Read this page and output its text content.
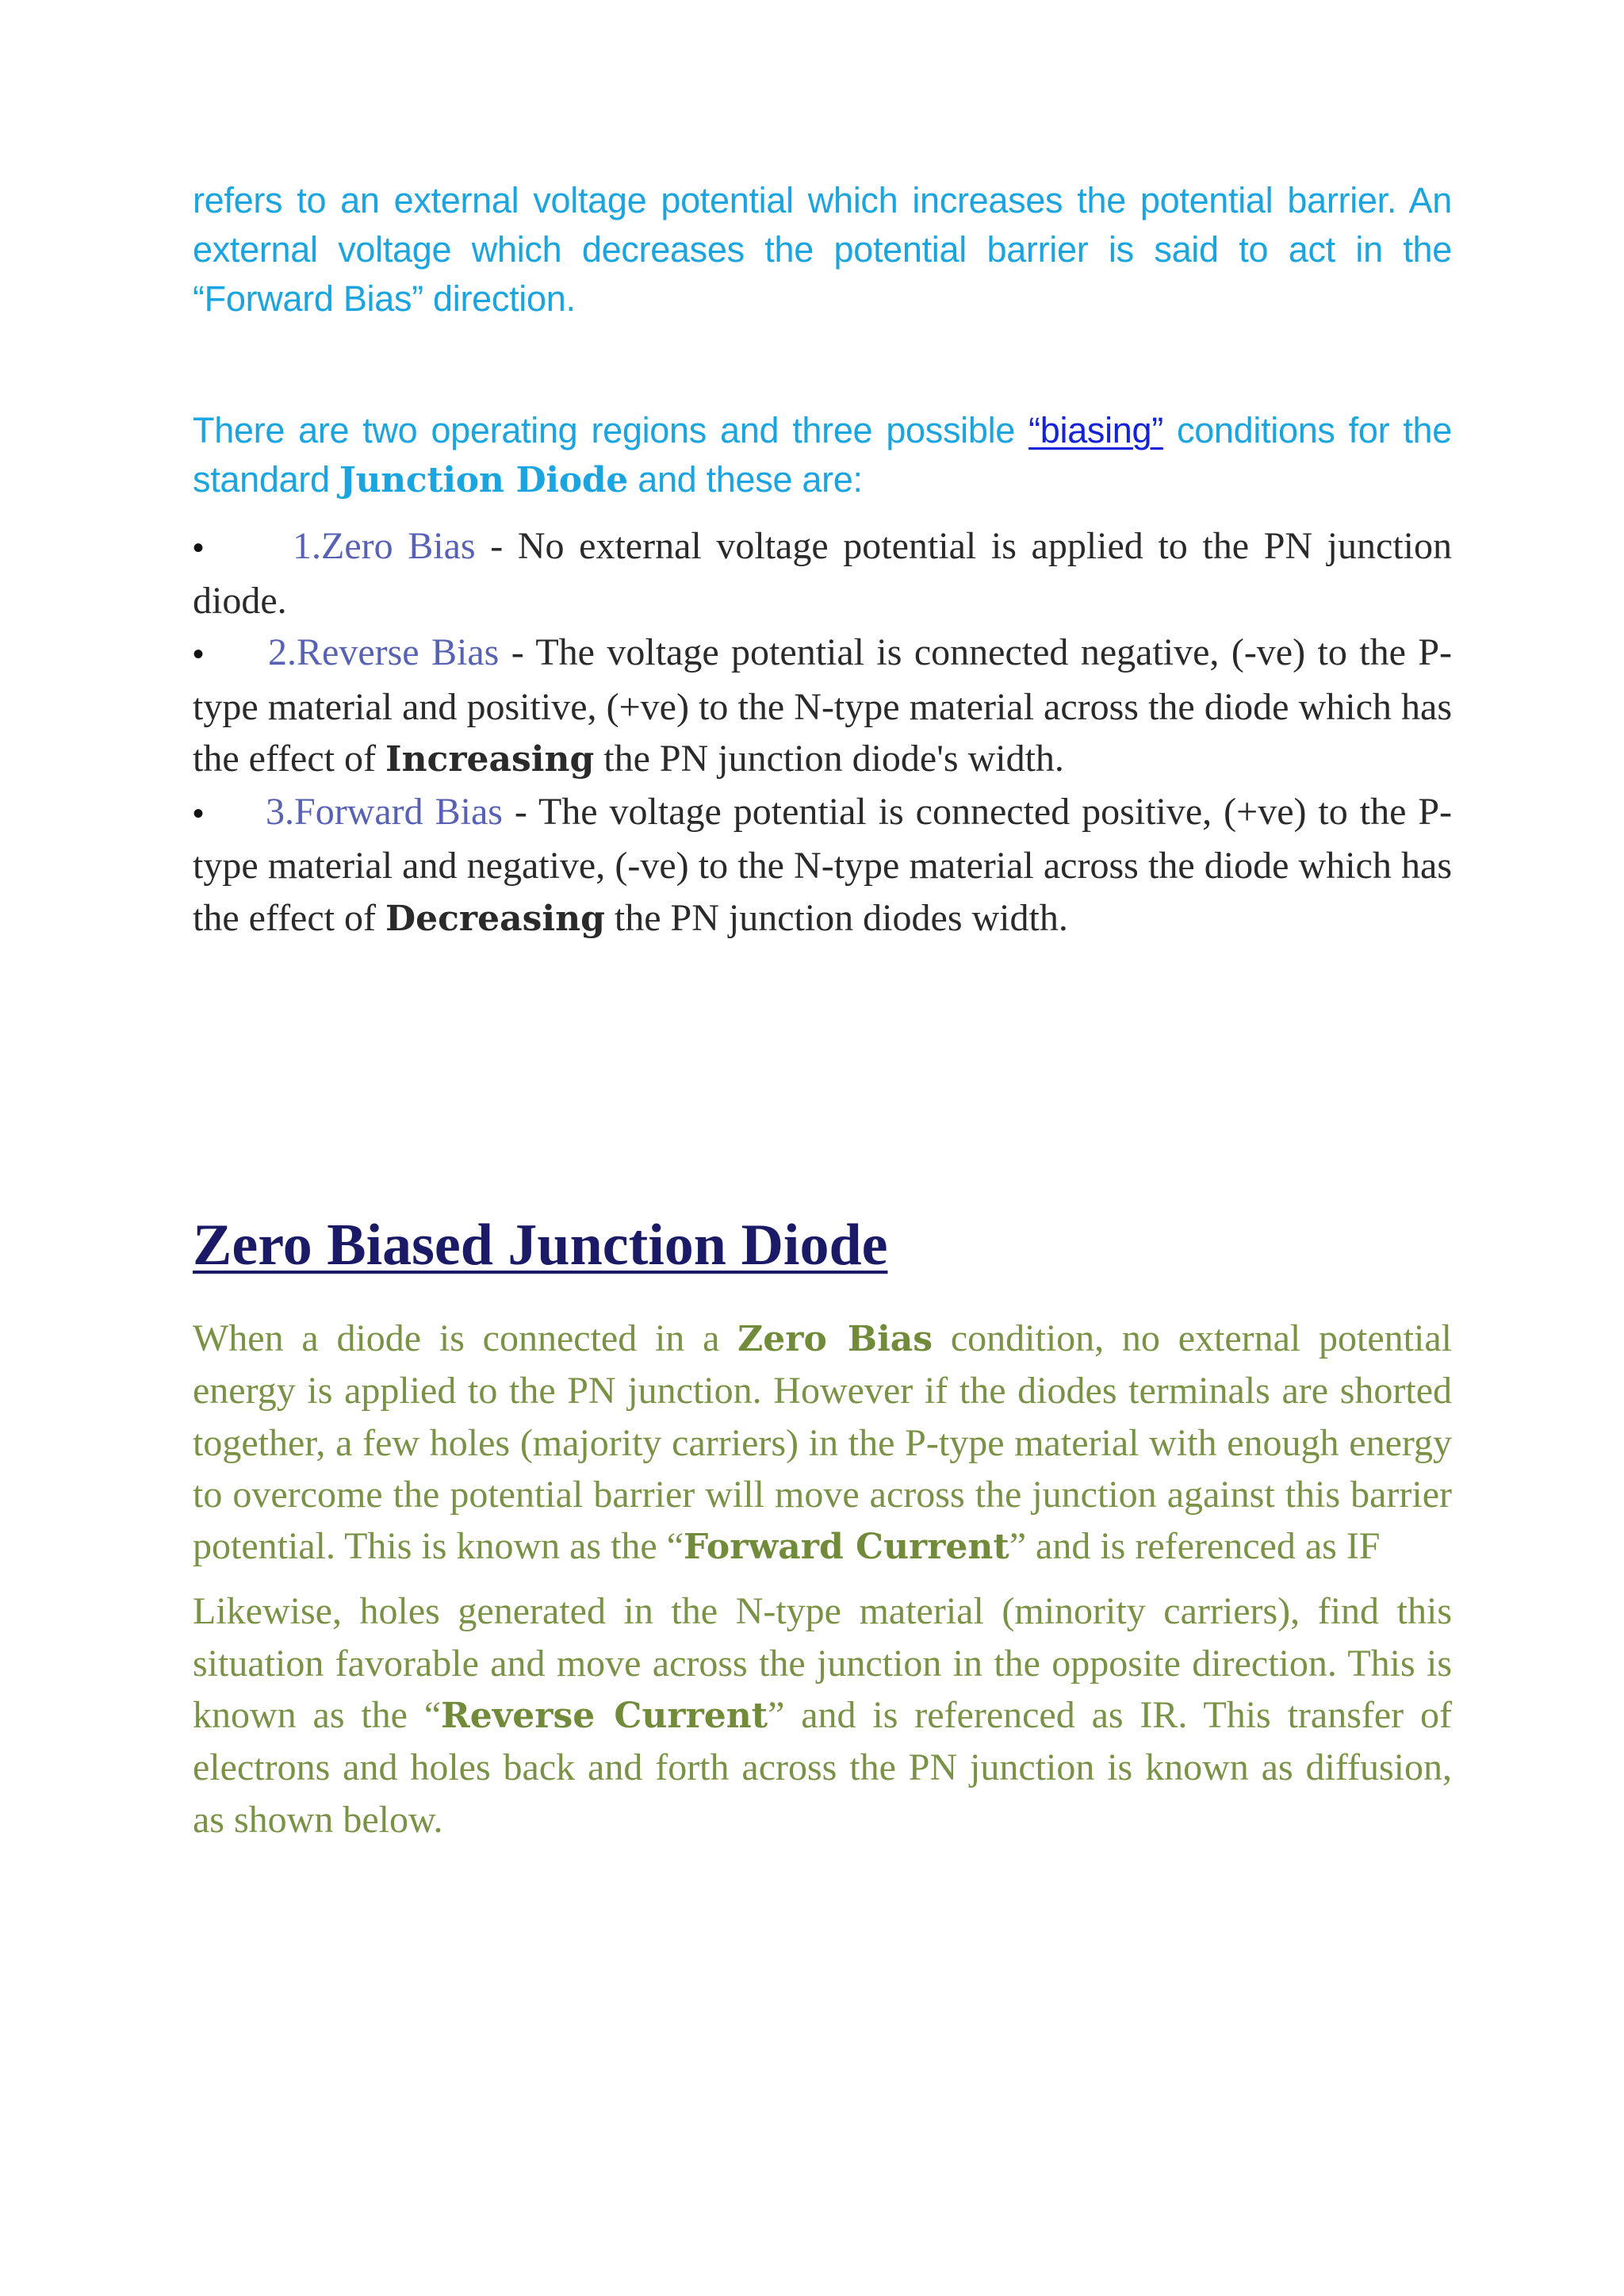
refers to an external voltage potential which increases the potential barrier. An external voltage which decreases the potential barrier is said to act in the “Forward Bias” direction.

There are two operating regions and three possible “biasing” conditions for the standard Junction Diode and these are:

• 1.Zero Bias - No external voltage potential is applied to the PN junction diode.

• 2.Reverse Bias - The voltage potential is connected negative, (-ve) to the P-type material and positive, (+ve) to the N-type material across the diode which has the effect of Increasing the PN junction diode's width.

• 3.Forward Bias - The voltage potential is connected positive, (+ve) to the P-type material and negative, (-ve) to the N-type material across the diode which has the effect of Decreasing the PN junction diodes width.

Zero Biased Junction Diode

When a diode is connected in a Zero Bias condition, no external potential energy is applied to the PN junction. However if the diodes terminals are shorted together, a few holes (majority carriers) in the P-type material with enough energy to overcome the potential barrier will move across the junction against this barrier potential. This is known as the “Forward Current” and is referenced as IF

Likewise, holes generated in the N-type material (minority carriers), find this situation favorable and move across the junction in the opposite direction. This is known as the “Reverse Current” and is referenced as IR. This transfer of electrons and holes back and forth across the PN junction is known as diffusion, as shown below.
